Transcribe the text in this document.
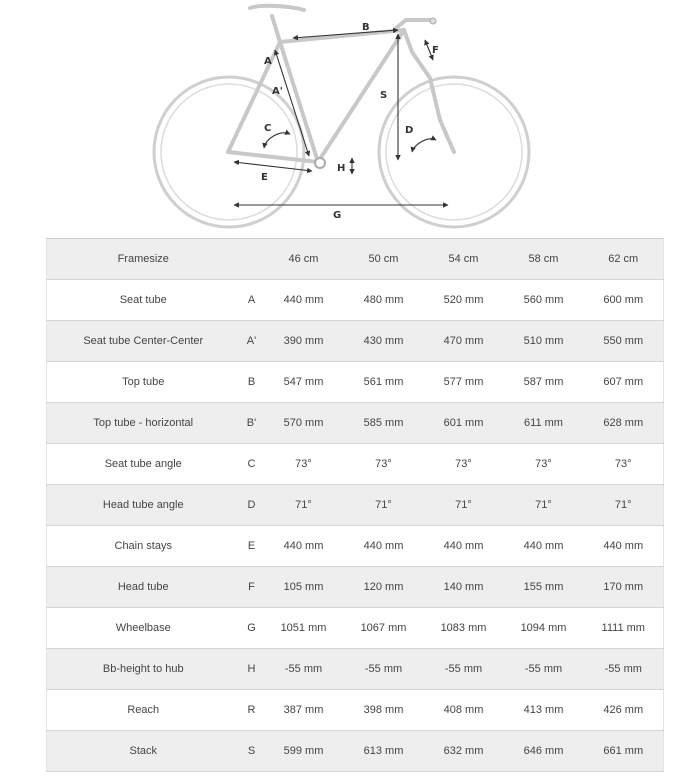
A
A'
B
C	D
E
F
G
H
S
Framesize		46 cm	50 cm	54 cm	58 cm	62 cm
Seat tube	A	440 mm	480 mm	520 mm	560 mm	600 mm
Seat tube Center-Center	A'	390 mm	430 mm	470 mm	510 mm	550 mm
Top tube	B	547 mm	561 mm	577 mm	587 mm	607 mm
Top tube - horizontal	B'	570 mm	585 mm	601 mm	611 mm	628 mm
Seat tube angle	C	73°	73°	73°	73°	73°
Head tube angle	D	71°	71°	71°	71°	71°
Chain stays	E	440 mm	440 mm	440 mm	440 mm	440 mm
Head tube	F	105 mm	120 mm	140 mm	155 mm	170 mm
Wheelbase	G	1051 mm	1067 mm	1083 mm	1094 mm	1111 mm
Bb-height to hub	H	-55 mm	-55 mm	-55 mm	-55 mm	-55 mm
Reach	R	387 mm	398 mm	408 mm	413 mm	426 mm
Stack	S	599 mm	613 mm	632 mm	646 mm	661 mm
